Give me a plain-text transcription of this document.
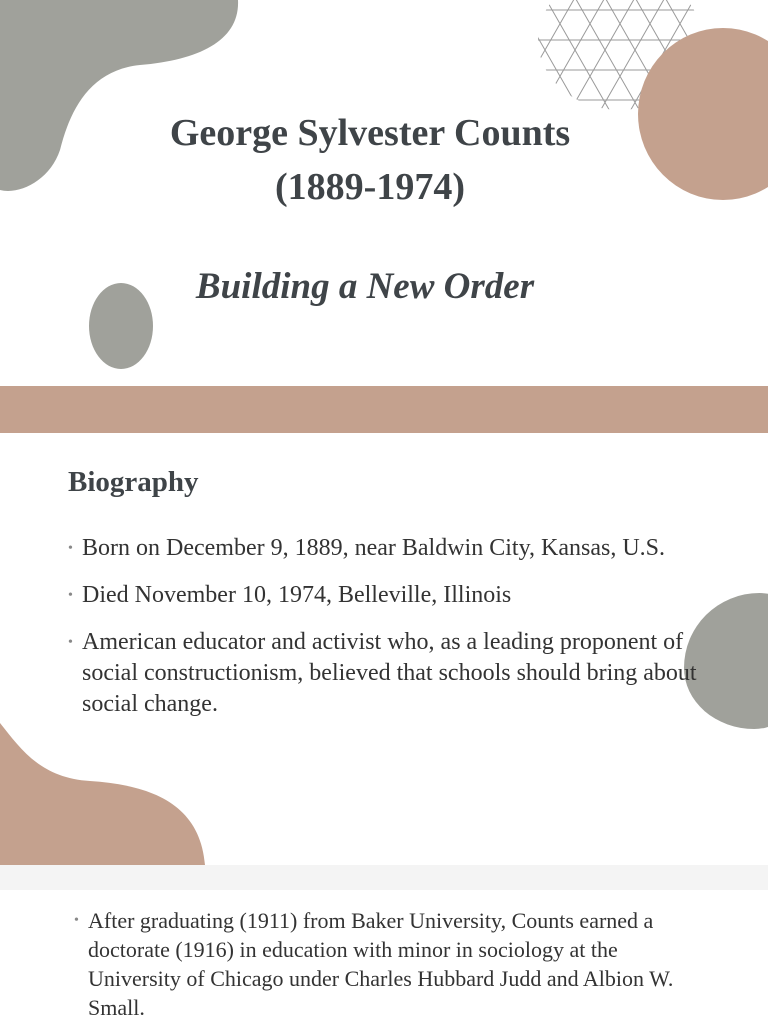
George Sylvester Counts
(1889-1974)
Building a New Order
Biography
• Born on December 9, 1889, near Baldwin City, Kansas, U.S.
• Died November 10, 1974, Belleville, Illinois
• American educator and activist who, as a leading proponent of social constructionism, believed that schools should bring about social change.
• After graduating (1911) from Baker University, Counts earned a doctorate (1916) in education with minor in sociology at the University of Chicago under Charles Hubbard Judd and Albion W. Small.
